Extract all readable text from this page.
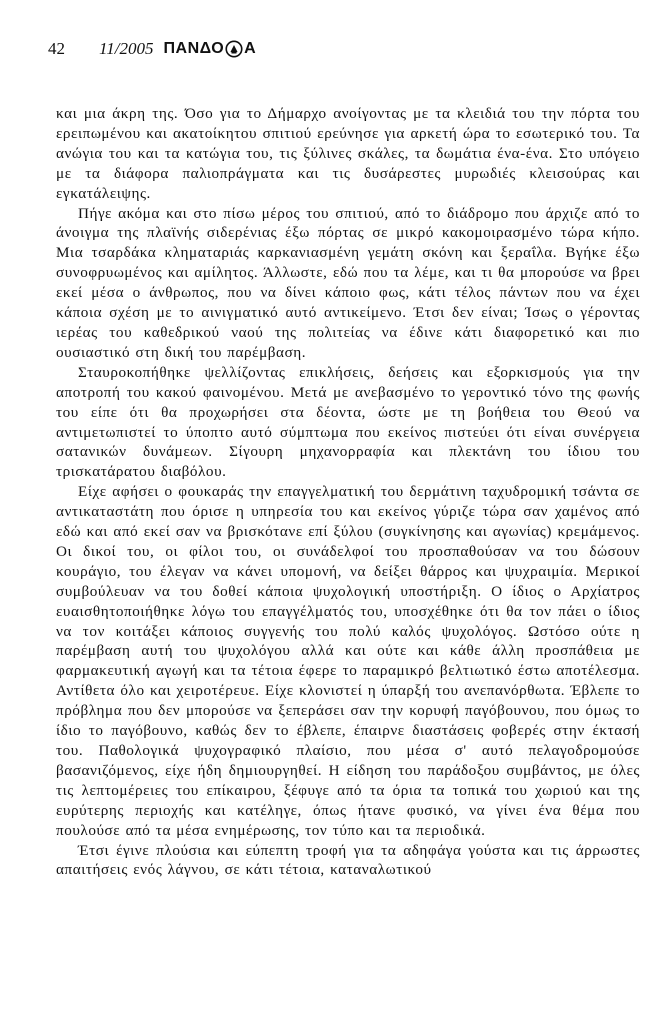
42 11/2005 ΠΑΝΔΟ Α

και μια άκρη της. Όσο για το Δήμαρχο ανοίγοντας με τα κλειδιά του την πόρτα του ερειπωμένου και ακατοίκητου σπιτιού ερεύνησε για αρκετή ώρα το εσωτερικό του. Τα ανώγια του και τα κατώγια του, τις ξύλινες σκάλες, τα δωμάτια ένα-ένα. Στο υπόγειο με τα διάφορα παλιοπράγματα και τις δυσάρεστες μυρωδιές κλεισούρας και εγκατάλειψης.

Πήγε ακόμα και στο πίσω μέρος του σπιτιού, από το διάδρομο που άρχιζε από το άνοιγμα της πλαϊνής σιδερένιας έξω πόρτας σε μικρό κακομοιρασμένο τώρα κήπο. Μια τσαρδάκα κληματαριάς καρκανιασμένη γεμάτη σκόνη και ξεραΐλα. Βγήκε έξω συνοφρυωμένος και αμίλητος. Άλλωστε, εδώ που τα λέμε, και τι θα μπορούσε να βρει εκεί μέσα ο άνθρωπος, που να δίνει κάποιο φως, κάτι τέλος πάντων που να έχει κάποια σχέση με το αινιγματικό αυτό αντικείμενο. Έτσι δεν είναι; Ίσως ο γέροντας ιερέας του καθεδρικού ναού της πολιτείας να έδινε κάτι διαφορετικό και πιο ουσιαστικό στη δική του παρέμβαση.

Σταυροκοπήθηκε ψελλίζοντας επικλήσεις, δεήσεις και εξορκισμούς για την αποτροπή του κακού φαινομένου. Μετά με ανεβασμένο το γεροντικό τόνο της φωνής του είπε ότι θα προχωρήσει στα δέοντα, ώστε με τη βοήθεια του Θεού να αντιμετωπιστεί το ύποπτο αυτό σύμπτωμα που εκείνος πιστεύει ότι είναι συνέργεια σατανικών δυνάμεων. Σίγουρη μηχανορραφία και πλεκτάνη του ίδιου του τρισκατάρατου διαβόλου.

Είχε αφήσει ο φουκαράς την επαγγελματική του δερμάτινη ταχυδρομική τσάντα σε αντικαταστάτη που όρισε η υπηρεσία του και εκείνος γύριζε τώρα σαν χαμένος από εδώ και από εκεί σαν να βρισκότανε επί ξύλου (συγκίνησης και αγωνίας) κρεμάμενος. Οι δικοί του, οι φίλοι του, οι συνάδελφοί του προσπαθούσαν να του δώσουν κουράγιο, του έλεγαν να κάνει υπομονή, να δείξει θάρρος και ψυχραιμία. Μερικοί συμβούλευαν να του δοθεί κάποια ψυχολογική υποστήριξη. Ο ίδιος ο Αρχίατρος ευαισθητοποιήθηκε λόγω του επαγγέλματός του, υποσχέθηκε ότι θα τον πάει ο ίδιος να τον κοιτάξει κάποιος συγγενής του πολύ καλός ψυχολόγος. Ωστόσο ούτε η παρέμβαση αυτή του ψυχολόγου αλλά και ούτε και κάθε άλλη προσπάθεια με φαρμακευτική αγωγή και τα τέτοια έφερε το παραμικρό βελτιωτικό έστω αποτέλεσμα. Αντίθετα όλο και χειροτέρευε. Είχε κλονιστεί η ύπαρξή του ανεπανόρθωτα. Έβλεπε το πρόβλημα που δεν μπορούσε να ξεπεράσει σαν την κορυφή παγόβουνου, που όμως το ίδιο το παγόβουνο, καθώς δεν το έβλεπε, έπαιρνε διαστάσεις φοβερές στην έκτασή του. Παθολογικά ψυχογραφικό πλαίσιο, που μέσα σ' αυτό πελαγοδρομούσε βασανιζόμενος, είχε ήδη δημιουργηθεί. Η είδηση του παράδοξου συμβάντος, με όλες τις λεπτομέρειες του επίκαιρου, ξέφυγε από τα όρια τα τοπικά του χωριού και της ευρύτερης περιοχής και κατέληγε, όπως ήτανε φυσικό, να γίνει ένα θέμα που πουλούσε από τα μέσα ενημέρωσης, τον τύπο και τα περιοδικά.

Έτσι έγινε πλούσια και εύπεπτη τροφή για τα αδηφάγα γούστα και τις άρρωστες απαιτήσεις ενός λάγνου, σε κάτι τέτοια, καταναλωτικού
